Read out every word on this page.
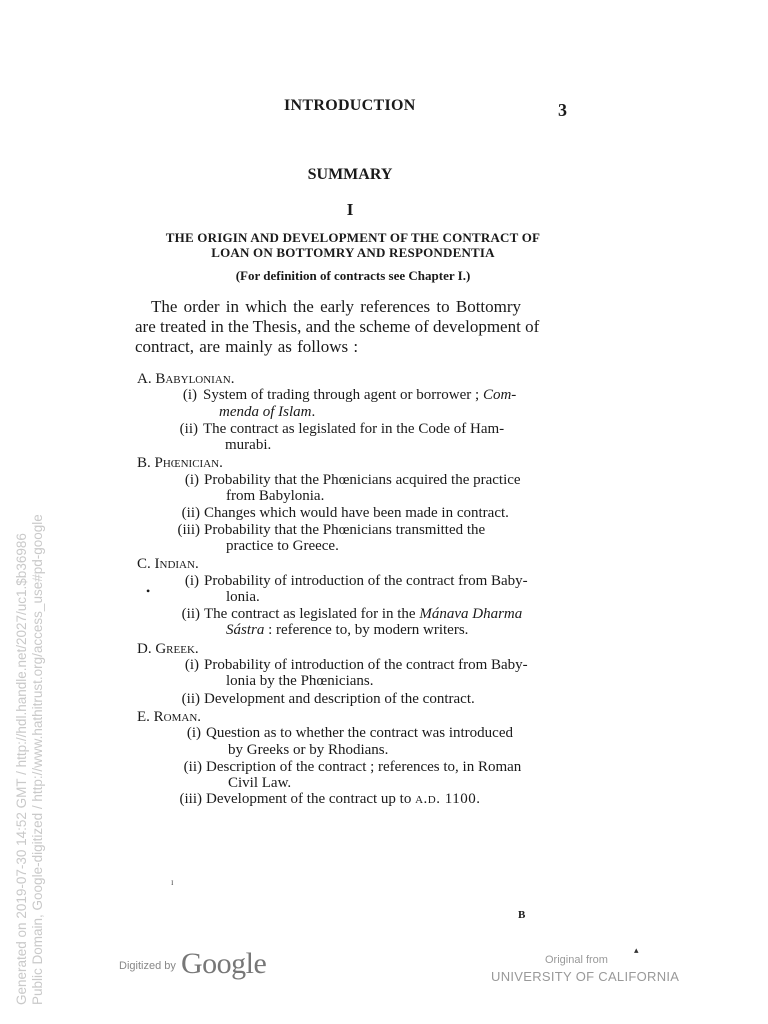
INTRODUCTION	3
SUMMARY
I
THE ORIGIN AND DEVELOPMENT OF THE CONTRACT OF
LOAN ON BOTTOMRY AND RESPONDENTIA
(For definition of contracts see Chapter I.)
The order in which the early references to Bottomry
are treated in the Thesis, and the scheme of development of
contract, are mainly as follows :
A. Babylonian.
(i) System of trading through agent or borrower ; Com-
menda of Islam.
(ii) The contract as legislated for in the Code of Ham-
murabi.
B. Phœnician.
(i) Probability that the Phœnicians acquired the practice
from Babylonia.
(ii) Changes which would have been made in contract.
(iii) Probability that the Phœnicians transmitted the
practice to Greece.
C. Indian.
(i) Probability of introduction of the contract from Baby-
lonia.
(ii) The contract as legislated for in the Mánava Dharma
Sástra : reference to, by modern writers.
D. Greek.
(i) Probability of introduction of the contract from Baby-
lonia by the Phœnicians.
(ii) Development and description of the contract.
E. Roman.
(i) Question as to whether the contract was introduced
by Greeks or by Rhodians.
(ii) Description of the contract ; references to, in Roman
Civil Law.
(iii) Development of the contract up to a.d. 1100.
•
ɪ
▴
B
Digitized by Google	Original from
UNIVERSITY OF CALIFORNIA
Generated on 2019-07-30 14:52 GMT / http://hdl.handle.net/2027/uc1.$b36986 Public Domain, Google-digitized / http://www.hathitrust.org/access_use#pd-google
